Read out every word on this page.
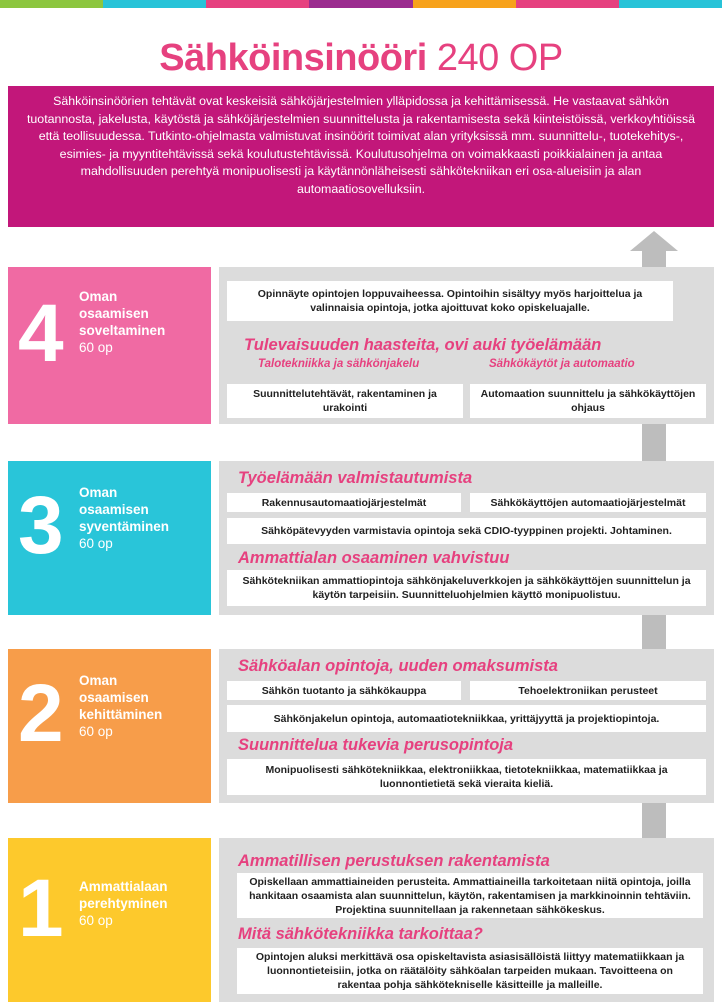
Sähköinsinööri 240 OP
Sähköinsinöörien tehtävät ovat keskeisiä sähköjärjestelmien ylläpidossa ja kehittämisessä. He vastaavat sähkön tuotannosta, jakelusta, käytöstä ja sähköjärjestelmien suunnittelusta ja rakentamisesta sekä kiinteistöissä, verkkoyhtiöissä että teollisuudessa. Tutkinto-ohjelmasta valmistuvat insinöörit toimivat alan yrityksissä mm. suunnittelu-, tuotekehitys-, esimies- ja myyntitehtävissä sekä koulutustehtävissä. Koulutusohjelma on voimakkaasti poikkialainen ja antaa mahdollisuuden perehtyä monipuolisesti ja käytännönläheisesti sähkötekniikan eri osa-alueisiin ja alan automaatiosovelluksiin.
4 Oman
osaamisen
soveltaminen
60 op
Opinnäyte opintojen loppuvaiheessa. Opintoihin sisältyy myös harjoittelua ja valinnaisia opintoja, jotka ajoittuvat koko opiskeluajalle.
Tulevaisuuden haasteita, ovi auki työelämään
Talotekniikka ja sähkönjakelu	Sähkökäytöt ja automaatio
Suunnittelutehtävät, rakentaminen ja urakointi
Automaation suunnittelu ja sähkökäyttöjen ohjaus
3 Oman
osaamisen
syventäminen
60 op
Työelämään valmistautumista
Rakennusautomaatiojärjestelmät	Sähkökäyttöjen automaatiojärjestelmät
Sähköpätevyyden varmistavia opintoja sekä CDIO-tyyppinen projekti. Johtaminen.
Ammattialan osaaminen vahvistuu
Sähkötekniikan ammattiopintoja sähkönjakeluverkkojen ja sähkökäyttöjen suunnittelun ja käytön tarpeisiin. Suunnitteluohjelmien käyttö monipuolistuu.
2 Oman
osaamisen
kehittäminen
60 op
Sähköalan opintoja, uuden omaksumista
Sähkön tuotanto ja sähkökauppa	Tehoelektroniikan perusteet
Sähkönjakelun opintoja, automaatiotekniikkaa, yrittäjyyttä ja projektiopintoja.
Suunnittelua tukevia perusopintoja
Monipuolisesti sähkötekniikkaa, elektroniikkaa, tietotekniikkaa, matematiikkaa ja luonnontietietä sekä vieraita kieliä.
1 Ammattialaan
perehtyminen
60 op
Ammatillisen perustuksen rakentamista
Opiskellaan ammattiaineiden perusteita. Ammattiaineilla tarkoitetaan niitä opintoja, joilla hankitaan osaamista alan suunnittelun, käytön, rakentamisen ja markkinoinnin tehtäviin. Projektina suunnitellaan ja rakennetaan sähkökeskus.
Mitä sähkötekniikka tarkoittaa?
Opintojen aluksi merkittävä osa opiskeltavista asiasisällöistä liittyy matematiikkaan ja luonnontieteisiin, jotka on räätälöity sähköalan tarpeiden mukaan. Tavoitteena on rakentaa pohja sähkötekniselle käsitteille ja malleille.
